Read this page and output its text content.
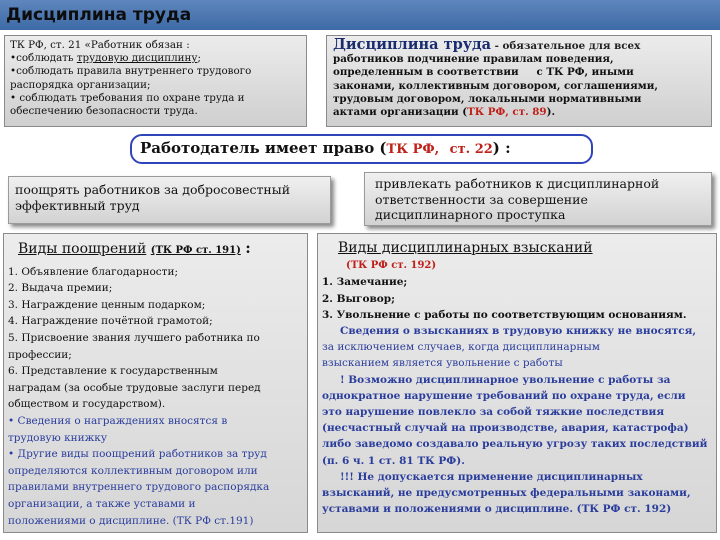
Дисциплина труда
ТК РФ, ст. 21 «Работник обязан :
•соблюдать трудовую дисциплину;
•соблюдать правила внутреннего трудового
распорядка организации;
• соблюдать требования по охране труда и
обеспечению безопасности труда.
Дисциплина труда - обязательное для всех
работников подчинение правилам поведения,
определенным в соответствии     с ТК РФ, иными
законами, коллективным договором, соглашениями,
трудовым договором, локальными нормативными
актами организации (ТК РФ, ст. 89).
Работодатель имеет право (ТК РФ, ст. 22) :
поощрять работников за добросовестный
эффективный труд
привлекать работников к дисциплинарной
ответственности за совершение
дисциплинарного проступка
Виды поощрений (ТК РФ ст. 191) :
1. Объявление благодарности;
2. Выдача премии;
3. Награждение ценным подарком;
4. Награждение почётной грамотой;
5. Присвоение звания лучшего работника по
профессии;
6. Представление к государственным
наградам (за особые трудовые заслуги перед
обществом и государством).
• Сведения о награждениях вносятся в
трудовую книжку
• Другие виды поощрений работников за труд
определяются коллективным договором или
правилами внутреннего трудового распорядка
организации, а также уставами и
положениями о дисциплине. (ТК РФ ст.191)
Виды дисциплинарных взысканий
(ТК РФ ст. 192)
1. Замечание;
2. Выговор;
3. Увольнение с работы по соответствующим основаниям.
Сведения о взысканиях в трудовую книжку не вносятся,
за исключением случаев, когда дисциплинарным
взысканием является увольнение с работы
! Возможно дисциплинарное увольнение с работы за
однократное нарушение требований по охране труда, если
это нарушение повлекло за собой тяжкие последствия
(несчастный случай на производстве, авария, катастрофа)
либо заведомо создавало реальную угрозу таких последствий
(п. 6 ч. 1 ст. 81 ТК РФ).
!!! Не допускается применение дисциплинарных
взысканий, не предусмотренных федеральными законами,
уставами и положениями о дисциплине. (ТК РФ ст. 192)
